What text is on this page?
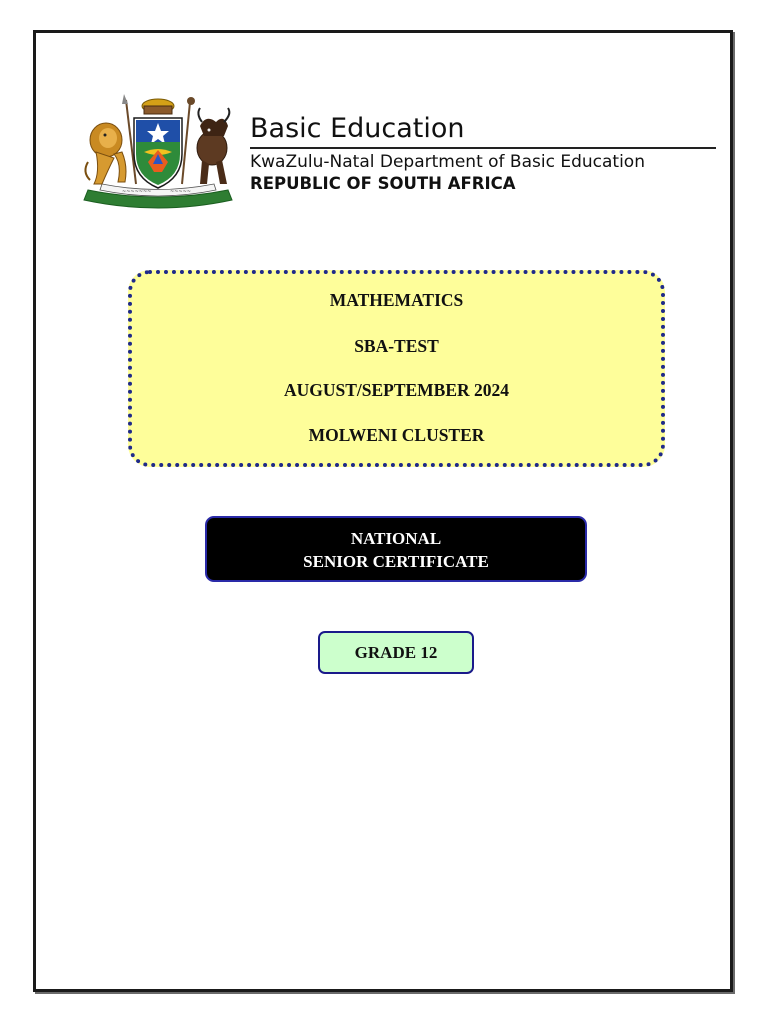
~~~~~~~	~~~~~
Basic Education
KwaZulu-Natal Department of Basic Education
REPUBLIC OF SOUTH AFRICA
MATHEMATICS
SBA-TEST
AUGUST/SEPTEMBER 2024
MOLWENI CLUSTER
NATIONAL
SENIOR CERTIFICATE
GRADE 12
